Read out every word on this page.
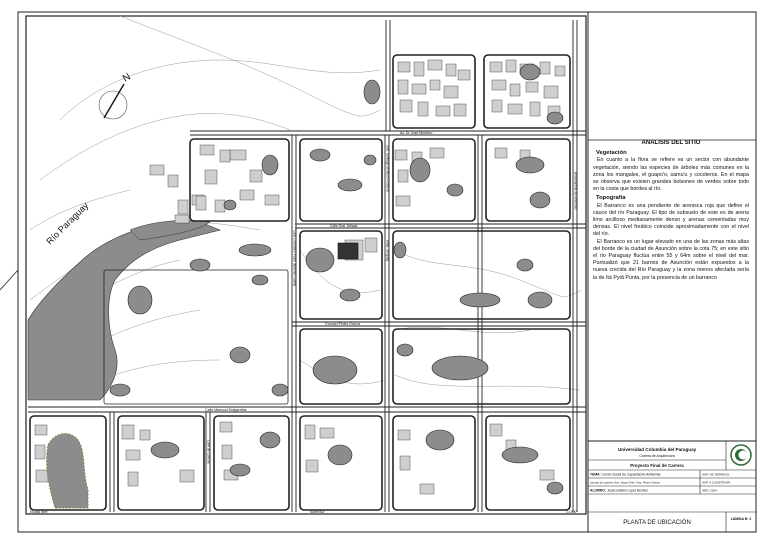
N
Río Paraguay
Av. Dr José Montero
Calle Gral. Artigas
Coronel Pedro García
Calle Mariscal Estigarribia
Calle Comodoro Pablo Ildefonso Cabral
Gob. Santiago Monteiro Frontera	Boulevard de las Américas
Avda. Uruguay
Calle de Cancha
Escala libre	Norte/Sur	1:1000
Universidad Columbia del Paraguay
Carrera de Arquitectura
Proyecto Final de Carrera
TEMA: Centro Social De Capacitación Ambiental	SUP. DE TERRENO:
tutoras de carrera: Arq. Jorge Ortiz / Arq. Pedro Garcia	SUP. A CONSTRUIR:
ALUMNO: Jessica Belén López Benítez	AÑO: 2024
PLANTA DE UBICACIÓN
LÁMINA Nº 2
ANALISIS DEL SITIO
Vegetación

En cuanto a la flora se refiere es un sector con abundante vegetación, siendo las especies de árboles más comunes en la zona los mangales, el guapo'o, samu'u y cocoteros. En el mapa se observa que existen grandes bolsones de verdes sobre todo en la costa que bordea al río.

Topografía

El Barranco es una pendiente de arenisca roja que define el cauce del río Paraguay. El tipo de subsuelo de este es de arena limo arcilloso medianamente denso y arenas cementadas muy densas. El nivel freático coincide aproximadamente con el nivel del río.

El Barranco es un lugar elevado en una de las zonas más altas del borde de la ciudad de Asunción sobre la cota 75; en este sitio el río Paraguay fluctúa entre 55 y 64m sobre el nivel del mar. Puntualizó que 21 barrios de Asunción están expuestos a la nueva crecida del Río Paraguay y la zona menos afectada sería la de Itá Pytã Punta, por la presencia de un barranco
